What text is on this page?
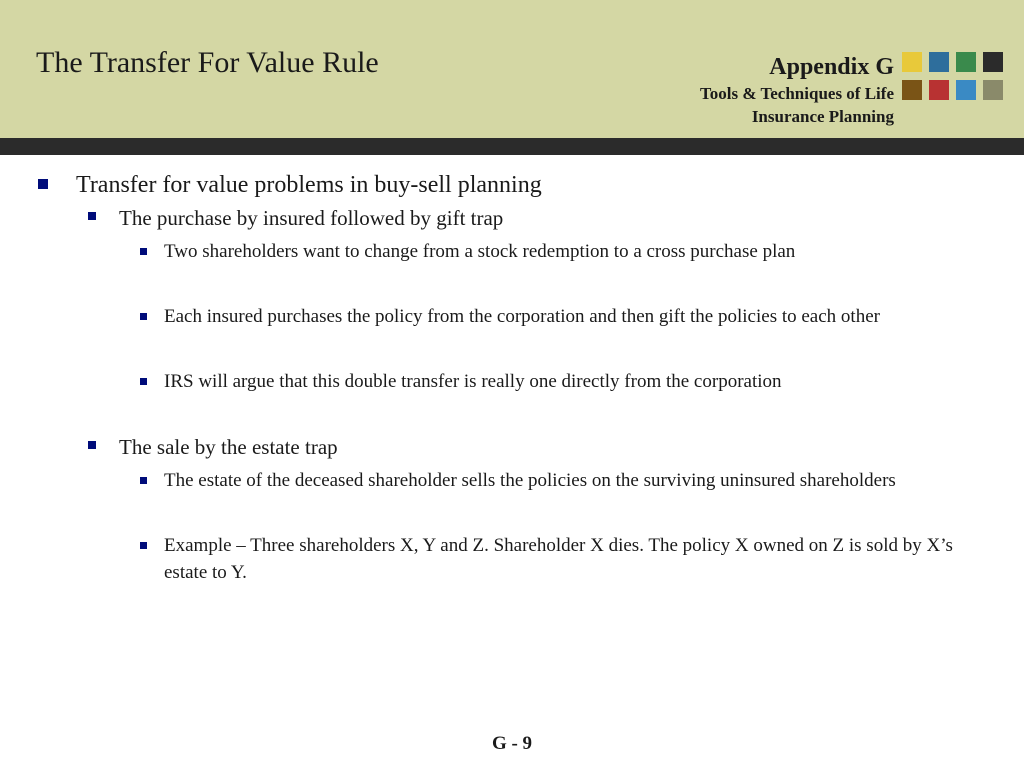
The Transfer For Value Rule	Appendix G
Tools & Techniques of Life
Insurance Planning
Transfer for value problems in buy-sell planning
The purchase by insured followed by gift trap
Two shareholders want to change from a stock redemption to a cross purchase plan
Each insured purchases the policy from the corporation and then gift the policies to each other
IRS will argue that this double transfer is really one directly from the corporation
The sale by the estate trap
The estate of the deceased shareholder sells the policies on the surviving uninsured shareholders
Example – Three shareholders X, Y and Z. Shareholder X dies. The policy X owned on Z is sold by X’s estate to Y.
G - 9
